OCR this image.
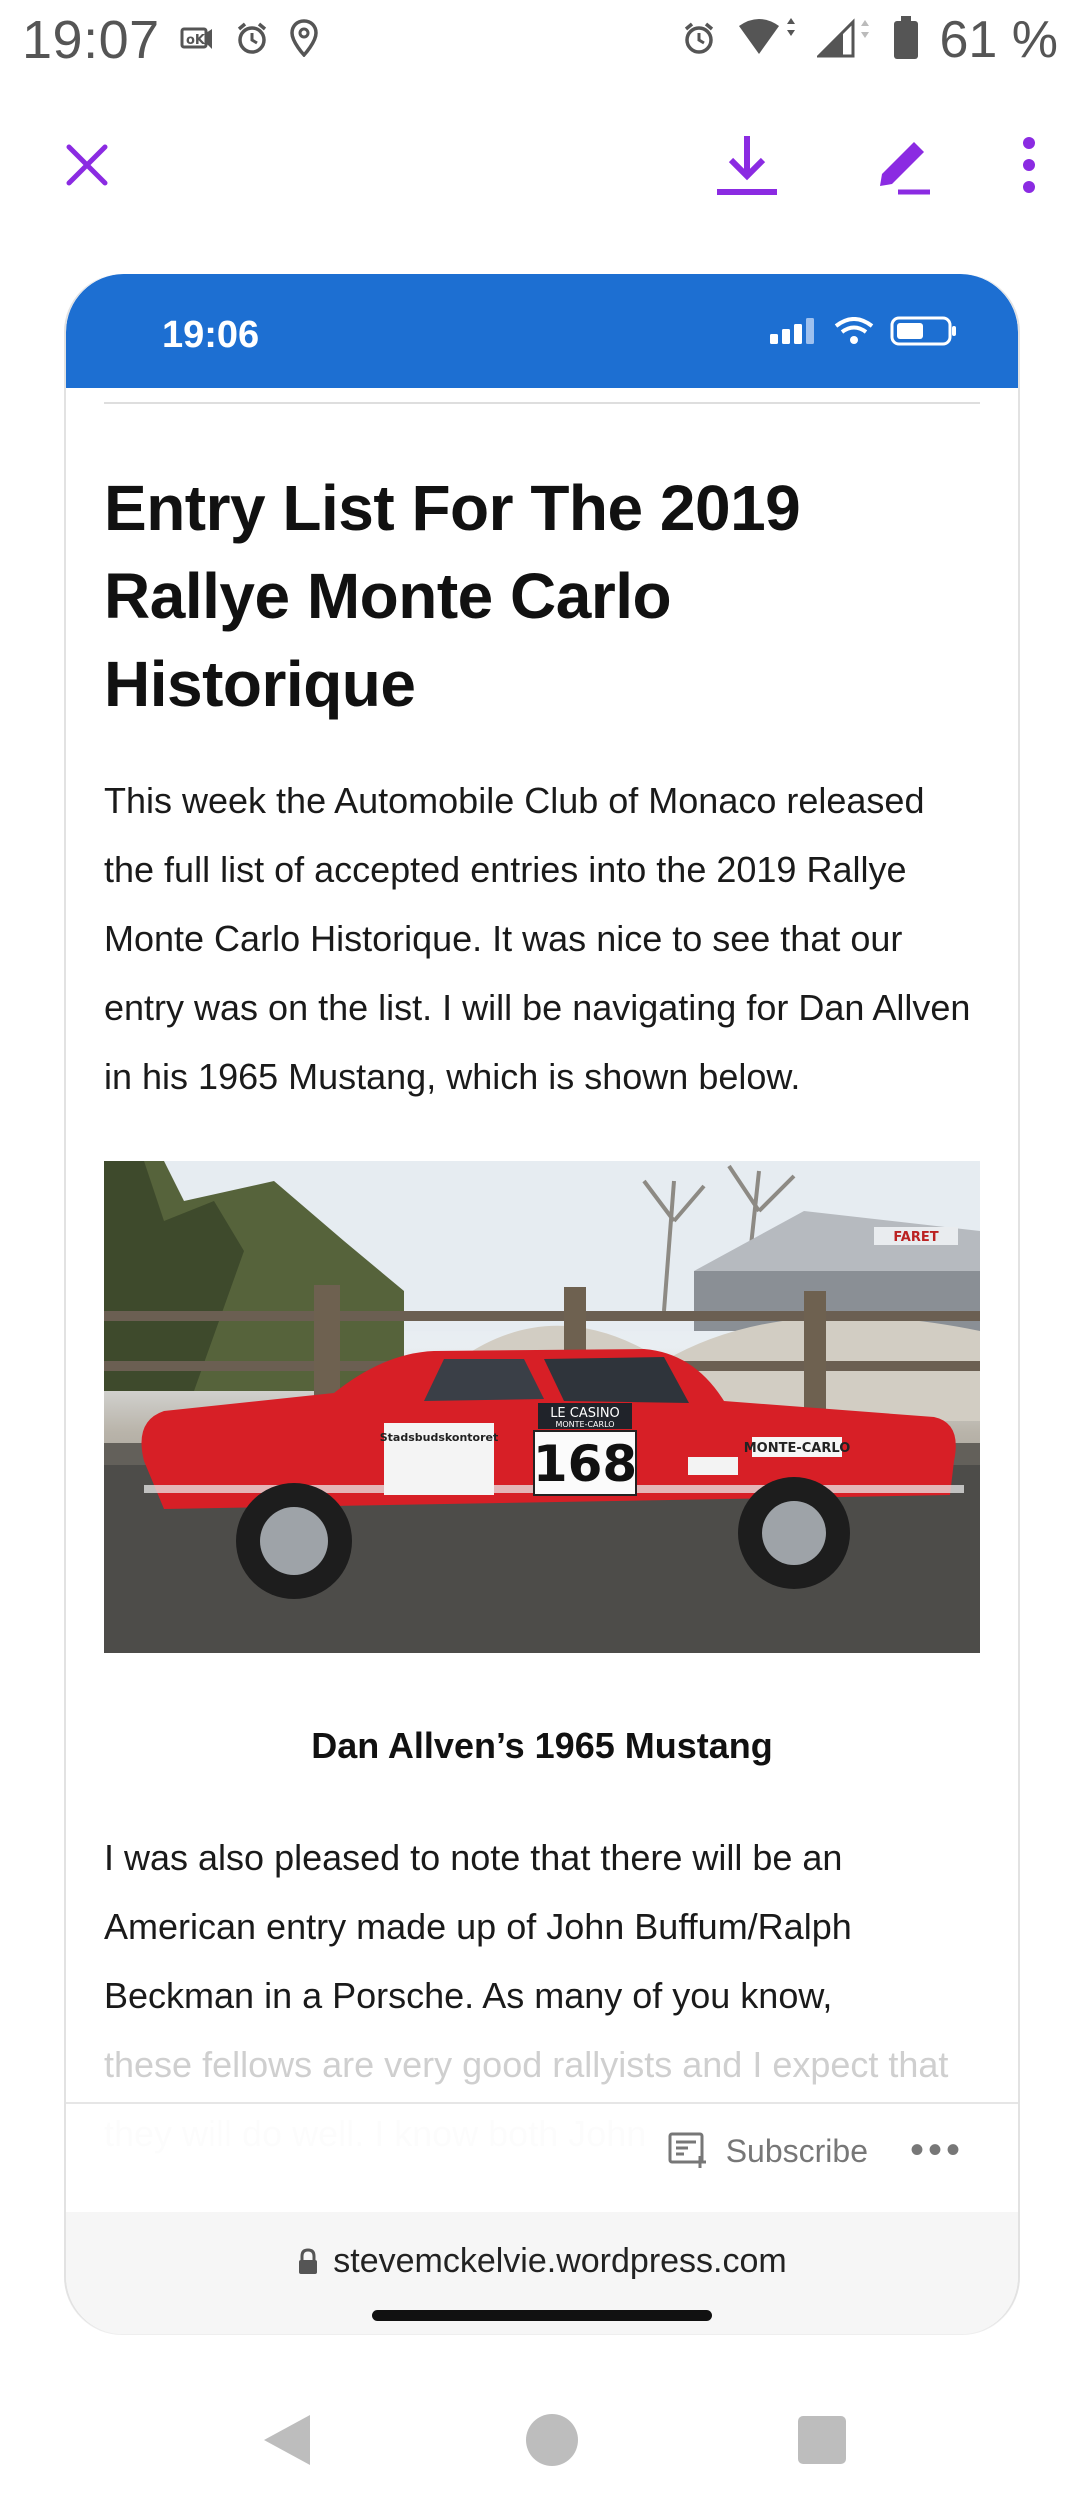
19:07 oK	61 %
19:06
Entry List For The 2019 Rallye Monte Carlo Historique

This week the Automobile Club of Monaco released the full list of accepted entries into the 2019 Rallye Monte Carlo Historique. It was nice to see that our entry was on the list. I will be navigating for Dan Allven in his 1965 Mustang, which is shown below.

FARET
Stadsbudskontoret
LE CASINO
MONTE-CARLO
168	MONTE-CARLO

Dan Allven’s 1965 Mustang

I was also pleased to note that there will be an American entry made up of John Buffum/Ralph Beckman in a Porsche. As many of you know,

these fellows are very good rallyists and I expect that

Subscribe •••
stevemckelvie.wordpress.com
